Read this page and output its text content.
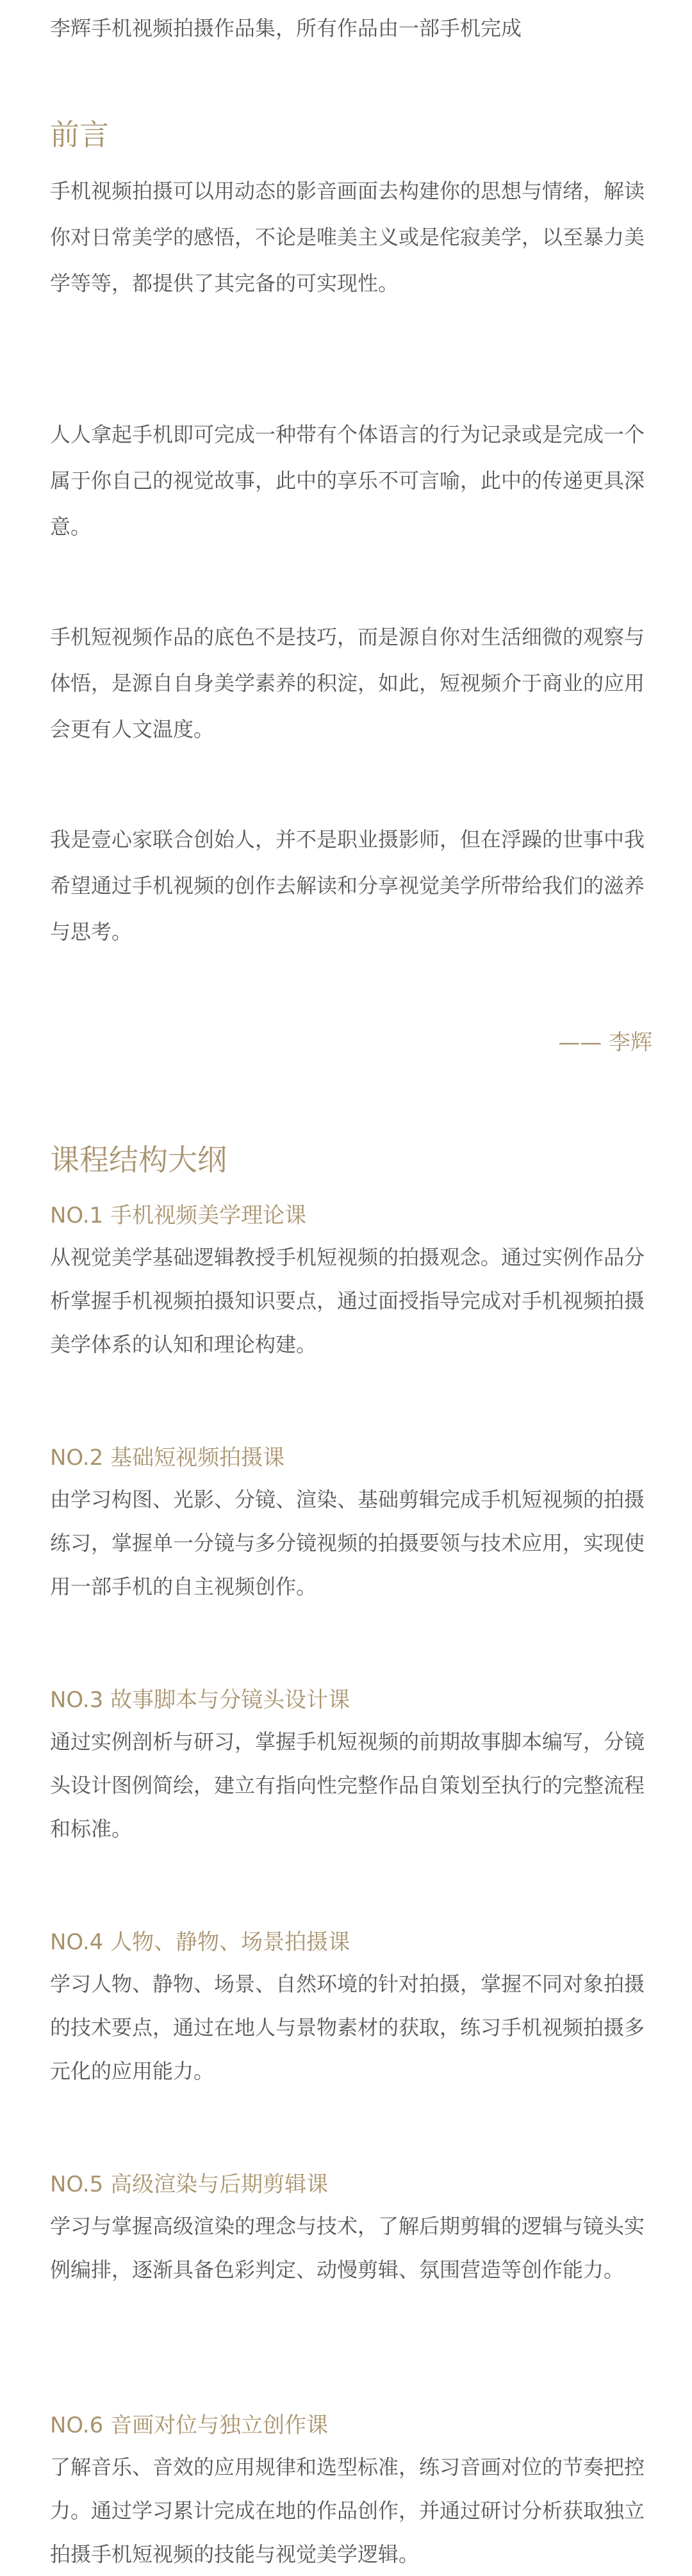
李辉手机视频拍摄作品集，所有作品由一部手机完成
前言

手机视频拍摄可以用动态的影音画面去构建你的思想与情绪，解读你对日常美学的感悟，不论是唯美主义或是侘寂美学，以至暴力美学等等，都提供了其完备的可实现性。

人人拿起手机即可完成一种带有个体语言的行为记录或是完成一个属于你自己的视觉故事，此中的享乐不可言喻，此中的传递更具深意。

手机短视频作品的底色不是技巧，而是源自你对生活细微的观察与体悟，是源自自身美学素养的积淀，如此，短视频介于商业的应用会更有人文温度。

我是壹心家联合创始人，并不是职业摄影师，但在浮躁的世事中我希望通过手机视频的创作去解读和分享视觉美学所带给我们的滋养与思考。

—— 李辉
课程结构大纲
NO.1 手机视频美学理论课

从视觉美学基础逻辑教授手机短视频的拍摄观念。通过实例作品分析掌握手机视频拍摄知识要点，通过面授指导完成对手机视频拍摄美学体系的认知和理论构建。

NO.2 基础短视频拍摄课

由学习构图、光影、分镜、渲染、基础剪辑完成手机短视频的拍摄练习，掌握单一分镜与多分镜视频的拍摄要领与技术应用，实现使用一部手机的自主视频创作。

NO.3 故事脚本与分镜头设计课

通过实例剖析与研习，掌握手机短视频的前期故事脚本编写，分镜头设计图例简绘，建立有指向性完整作品自策划至执行的完整流程和标准。

NO.4 人物、静物、场景拍摄课

学习人物、静物、场景、自然环境的针对拍摄，掌握不同对象拍摄的技术要点，通过在地人与景物素材的获取，练习手机视频拍摄多元化的应用能力。

NO.5 高级渲染与后期剪辑课

学习与掌握高级渲染的理念与技术，了解后期剪辑的逻辑与镜头实例编排，逐渐具备色彩判定、动慢剪辑、氛围营造等创作能力。

NO.6 音画对位与独立创作课

了解音乐、音效的应用规律和选型标准，练习音画对位的节奏把控力。通过学习累计完成在地的作品创作，并通过研讨分析获取独立拍摄手机短视频的技能与视觉美学逻辑。
